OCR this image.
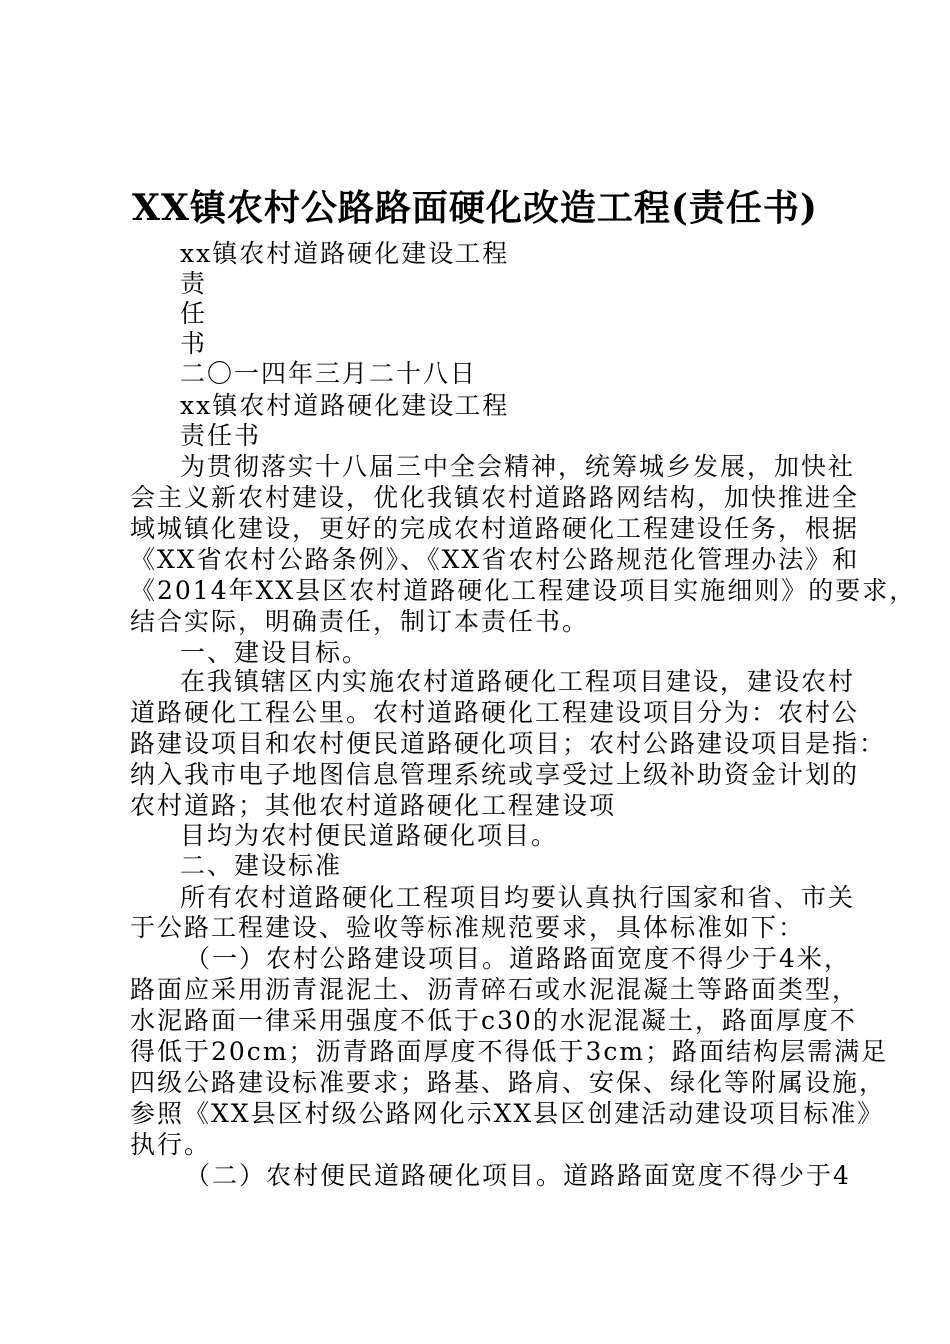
XX镇农村公路路面硬化改造工程(责任书)
xx镇农村道路硬化建设工程
责
任
书
二〇一四年三月二十八日
xx镇农村道路硬化建设工程
责任书
为贯彻落实十八届三中全会精神，统筹城乡发展，加快社
会主义新农村建设，优化我镇农村道路路网结构，加快推进全
域城镇化建设，更好的完成农村道路硬化工程建设任务，根据
《XX省农村公路条例》、《XX省农村公路规范化管理办法》和
《2014年XX县区农村道路硬化工程建设项目实施细则》的要求，
结合实际，明确责任，制订本责任书。
一、建设目标。
在我镇辖区内实施农村道路硬化工程项目建设，建设农村
道路硬化工程公里。农村道路硬化工程建设项目分为：农村公
路建设项目和农村便民道路硬化项目；农村公路建设项目是指：
纳入我市电子地图信息管理系统或享受过上级补助资金计划的
农村道路；其他农村道路硬化工程建设项
目均为农村便民道路硬化项目。
二、建设标准
所有农村道路硬化工程项目均要认真执行国家和省、市关
于公路工程建设、验收等标准规范要求，具体标准如下：
（一）农村公路建设项目。道路路面宽度不得少于4米，
路面应采用沥青混泥土、沥青碎石或水泥混凝土等路面类型，
水泥路面一律采用强度不低于c30的水泥混凝土，路面厚度不
得低于20cm；沥青路面厚度不得低于3cm；路面结构层需满足
四级公路建设标准要求；路基、路肩、安保、绿化等附属设施，
参照《XX县区村级公路网化示XX县区创建活动建设项目标准》
执行。
（二）农村便民道路硬化项目。道路路面宽度不得少于4
